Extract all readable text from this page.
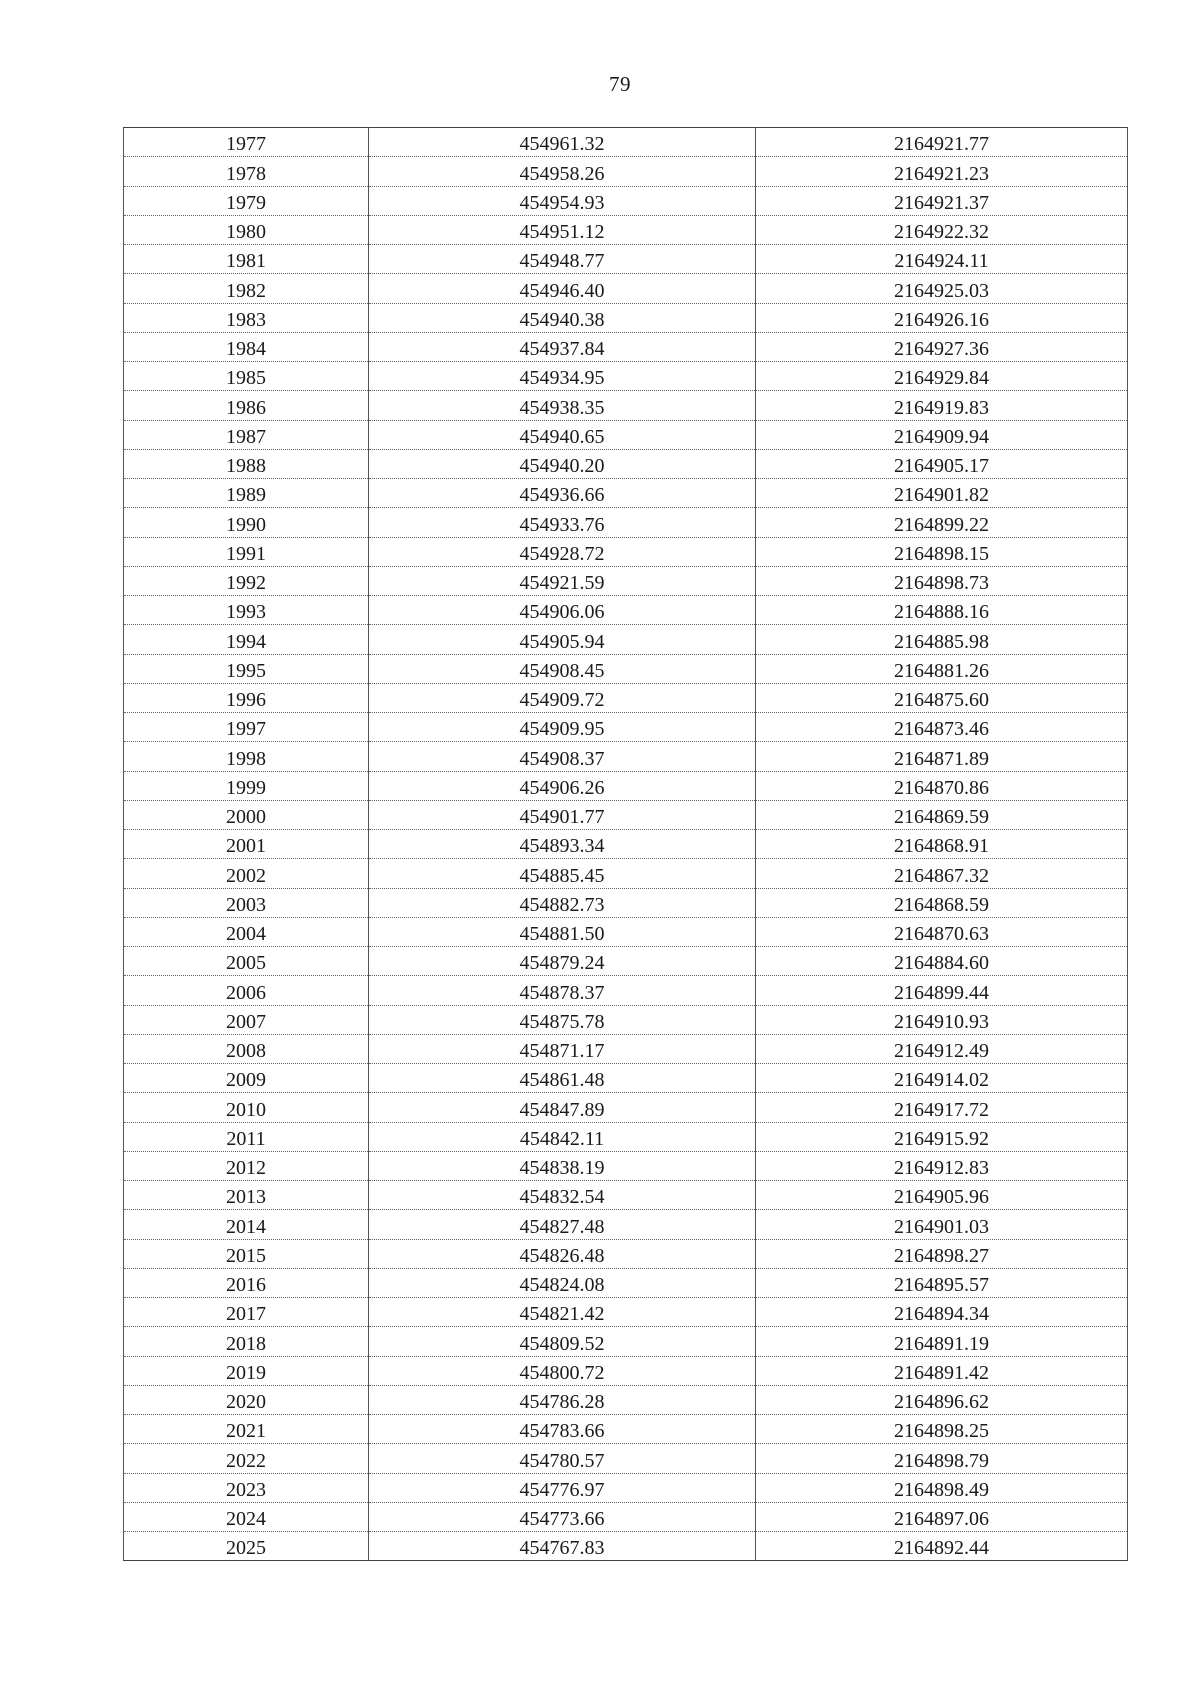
79
1977	454961.32	2164921.77
1978	454958.26	2164921.23
1979	454954.93	2164921.37
1980	454951.12	2164922.32
1981	454948.77	2164924.11
1982	454946.40	2164925.03
1983	454940.38	2164926.16
1984	454937.84	2164927.36
1985	454934.95	2164929.84
1986	454938.35	2164919.83
1987	454940.65	2164909.94
1988	454940.20	2164905.17
1989	454936.66	2164901.82
1990	454933.76	2164899.22
1991	454928.72	2164898.15
1992	454921.59	2164898.73
1993	454906.06	2164888.16
1994	454905.94	2164885.98
1995	454908.45	2164881.26
1996	454909.72	2164875.60
1997	454909.95	2164873.46
1998	454908.37	2164871.89
1999	454906.26	2164870.86
2000	454901.77	2164869.59
2001	454893.34	2164868.91
2002	454885.45	2164867.32
2003	454882.73	2164868.59
2004	454881.50	2164870.63
2005	454879.24	2164884.60
2006	454878.37	2164899.44
2007	454875.78	2164910.93
2008	454871.17	2164912.49
2009	454861.48	2164914.02
2010	454847.89	2164917.72
2011	454842.11	2164915.92
2012	454838.19	2164912.83
2013	454832.54	2164905.96
2014	454827.48	2164901.03
2015	454826.48	2164898.27
2016	454824.08	2164895.57
2017	454821.42	2164894.34
2018	454809.52	2164891.19
2019	454800.72	2164891.42
2020	454786.28	2164896.62
2021	454783.66	2164898.25
2022	454780.57	2164898.79
2023	454776.97	2164898.49
2024	454773.66	2164897.06
2025	454767.83	2164892.44
